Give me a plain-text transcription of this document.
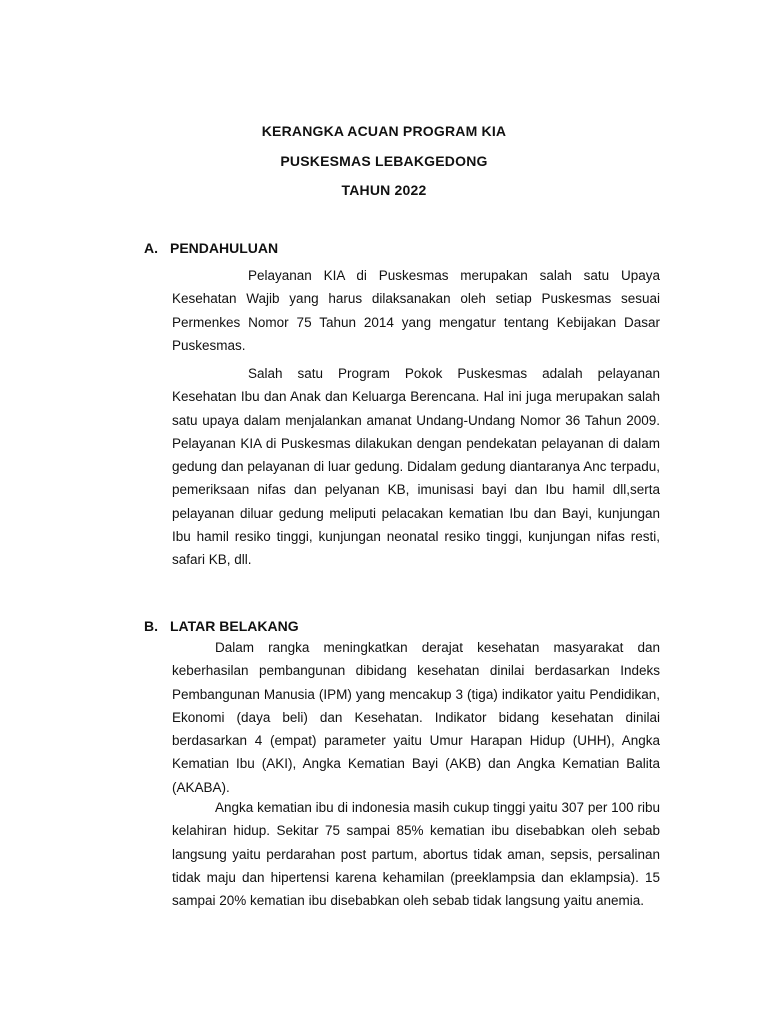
KERANGKA ACUAN PROGRAM KIA
PUSKESMAS LEBAKGEDONG
TAHUN 2022
A. PENDAHULUAN

Pelayanan KIA di Puskesmas merupakan salah satu Upaya Kesehatan Wajib yang harus dilaksanakan oleh setiap Puskesmas sesuai Permenkes Nomor 75 Tahun 2014 yang mengatur tentang Kebijakan Dasar Puskesmas.

Salah satu Program Pokok Puskesmas adalah pelayanan Kesehatan Ibu dan Anak dan Keluarga Berencana. Hal ini juga merupakan salah satu upaya dalam menjalankan amanat Undang-Undang Nomor 36 Tahun 2009. Pelayanan KIA di Puskesmas dilakukan dengan pendekatan pelayanan di dalam gedung dan pelayanan di luar gedung. Didalam gedung diantaranya Anc terpadu, pemeriksaan nifas dan pelyanan KB, imunisasi bayi dan Ibu hamil dll,serta pelayanan diluar gedung meliputi pelacakan kematian Ibu dan Bayi, kunjungan Ibu hamil resiko tinggi, kunjungan neonatal resiko tinggi, kunjungan nifas resti, safari KB, dll.

B. LATAR BELAKANG

Dalam rangka meningkatkan derajat kesehatan masyarakat dan keberhasilan pembangunan dibidang kesehatan dinilai berdasarkan Indeks Pembangunan Manusia (IPM) yang mencakup 3 (tiga) indikator yaitu Pendidikan, Ekonomi (daya beli) dan Kesehatan. Indikator bidang kesehatan dinilai berdasarkan 4 (empat) parameter yaitu Umur Harapan Hidup (UHH), Angka Kematian Ibu (AKI), Angka Kematian Bayi (AKB) dan Angka Kematian Balita (AKABA).

Angka kematian ibu di indonesia masih cukup tinggi yaitu 307 per 100 ribu kelahiran hidup. Sekitar 75 sampai 85% kematian ibu disebabkan oleh sebab langsung yaitu perdarahan post partum, abortus tidak aman, sepsis, persalinan tidak maju dan hipertensi karena kehamilan (preeklampsia dan eklampsia). 15 sampai 20% kematian ibu disebabkan oleh sebab tidak langsung yaitu anemia.
